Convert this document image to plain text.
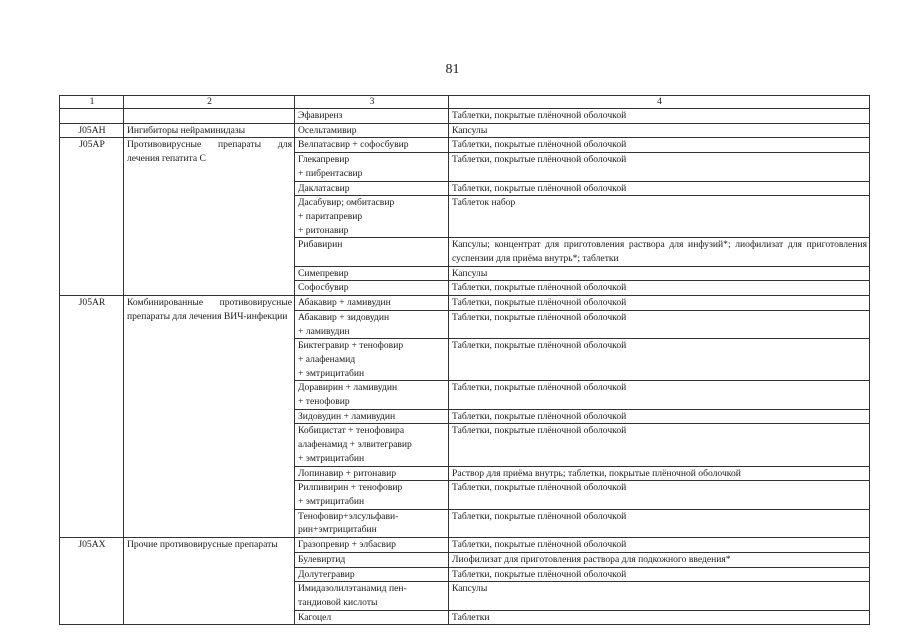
81
1	2	3	4

		Эфавиренз	Таблетки, покрытые плёночной оболочкой
J05AH	Ингибиторы нейраминидазы	Осельтамивир	Капсулы
J05AP	Противовирусные препараты для лечения гепатита С	Велпатасвир + софосбувир	Таблетки, покрытые плёночной оболочкой

		Глекапревир
+ пибрентасвир	Таблетки, покрытые плёночной оболочкой

		Даклатасвир	Таблетки, покрытые плёночной оболочкой

		Дасабувир; омбитасвир
+ паритапревир
+ ритонавир	Таблеток набор

		Рибавирин	Капсулы; концентрат для приготовления раствора для инфузий*; лиофилизат для приготовления суспензии для приёма внутрь*; таблетки

		Симепревир	Капсулы

		Софосбувир	Таблетки, покрытые плёночной оболочкой
J05AR	Комбинированные противовирусные препараты для лечения ВИЧ-инфекции	Абакавир + ламивудин	Таблетки, покрытые плёночной оболочкой

		Абакавир + зидовудин
+ ламивудин	Таблетки, покрытые плёночной оболочкой

		Биктегравир + тенофовир
+ алафенамид
+ эмтрицитабин	Таблетки, покрытые плёночной оболочкой

		Доравирин + ламивудин
+ тенофовир	Таблетки, покрытые плёночной оболочкой

		Зидовудин + ламивудин	Таблетки, покрытые плёночной оболочкой

		Кобицистат + тенофовира
алафенамид + элвитегравир
+ эмтрицитабин	Таблетки, покрытые плёночной оболочкой

		Лопинавир + ритонавир	Раствор для приёма внутрь; таблетки, покрытые плёночной оболочкой

		Рилпивирин + тенофовир
+ эмтрицитабин	Таблетки, покрытые плёночной оболочкой

		Тенофовир+элсульфави-
рин+эмтрицитабин	Таблетки, покрытые плёночной оболочкой
J05AX	Прочие противовирусные препараты	Гразопревир + элбасвир	Таблетки, покрытые плёночной оболочкой

		Булевиртид	Лиофилизат для приготовления раствора для подкожного введения*

		Долутегравир	Таблетки, покрытые плёночной оболочкой

		Имидазолилэтанамид пен-
тандиовой кислоты	Капсулы

		Кагоцел	Таблетки
